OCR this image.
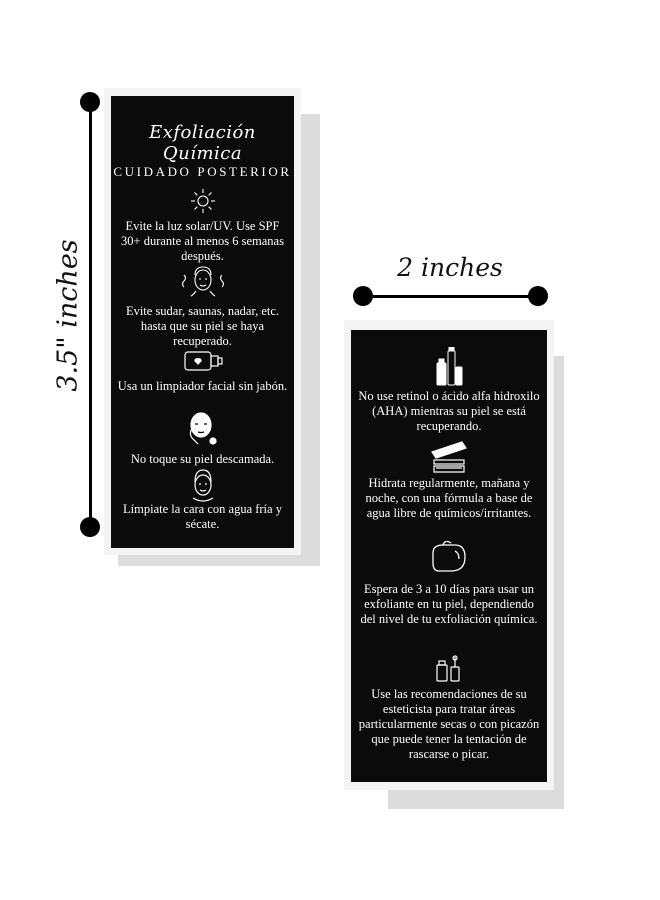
3.5" inches	2 inches
Exfoliación Química
CUIDADO POSTERIOR
Evite la luz solar/UV. Use SPF 30+ durante al menos 6 semanas después.
Evite sudar, saunas, nadar, etc. hasta que su piel se haya recuperado.
Usa un limpiador facial sin jabón.
No toque su piel descamada.
Límpiate la cara con agua fría y sécate.
No use retinol o ácido alfa hidroxilo (AHA) mientras su piel se está recuperando.
Hidrata regularmente, mañana y noche, con una fórmula a base de agua libre de químicos/irritantes.
Espera de 3 a 10 días para usar un exfoliante en tu piel, dependiendo del nivel de tu exfoliación química.
Use las recomendaciones de su esteticista para tratar áreas particularmente secas o con picazón que puede tener la tentación de rascarse o picar.
